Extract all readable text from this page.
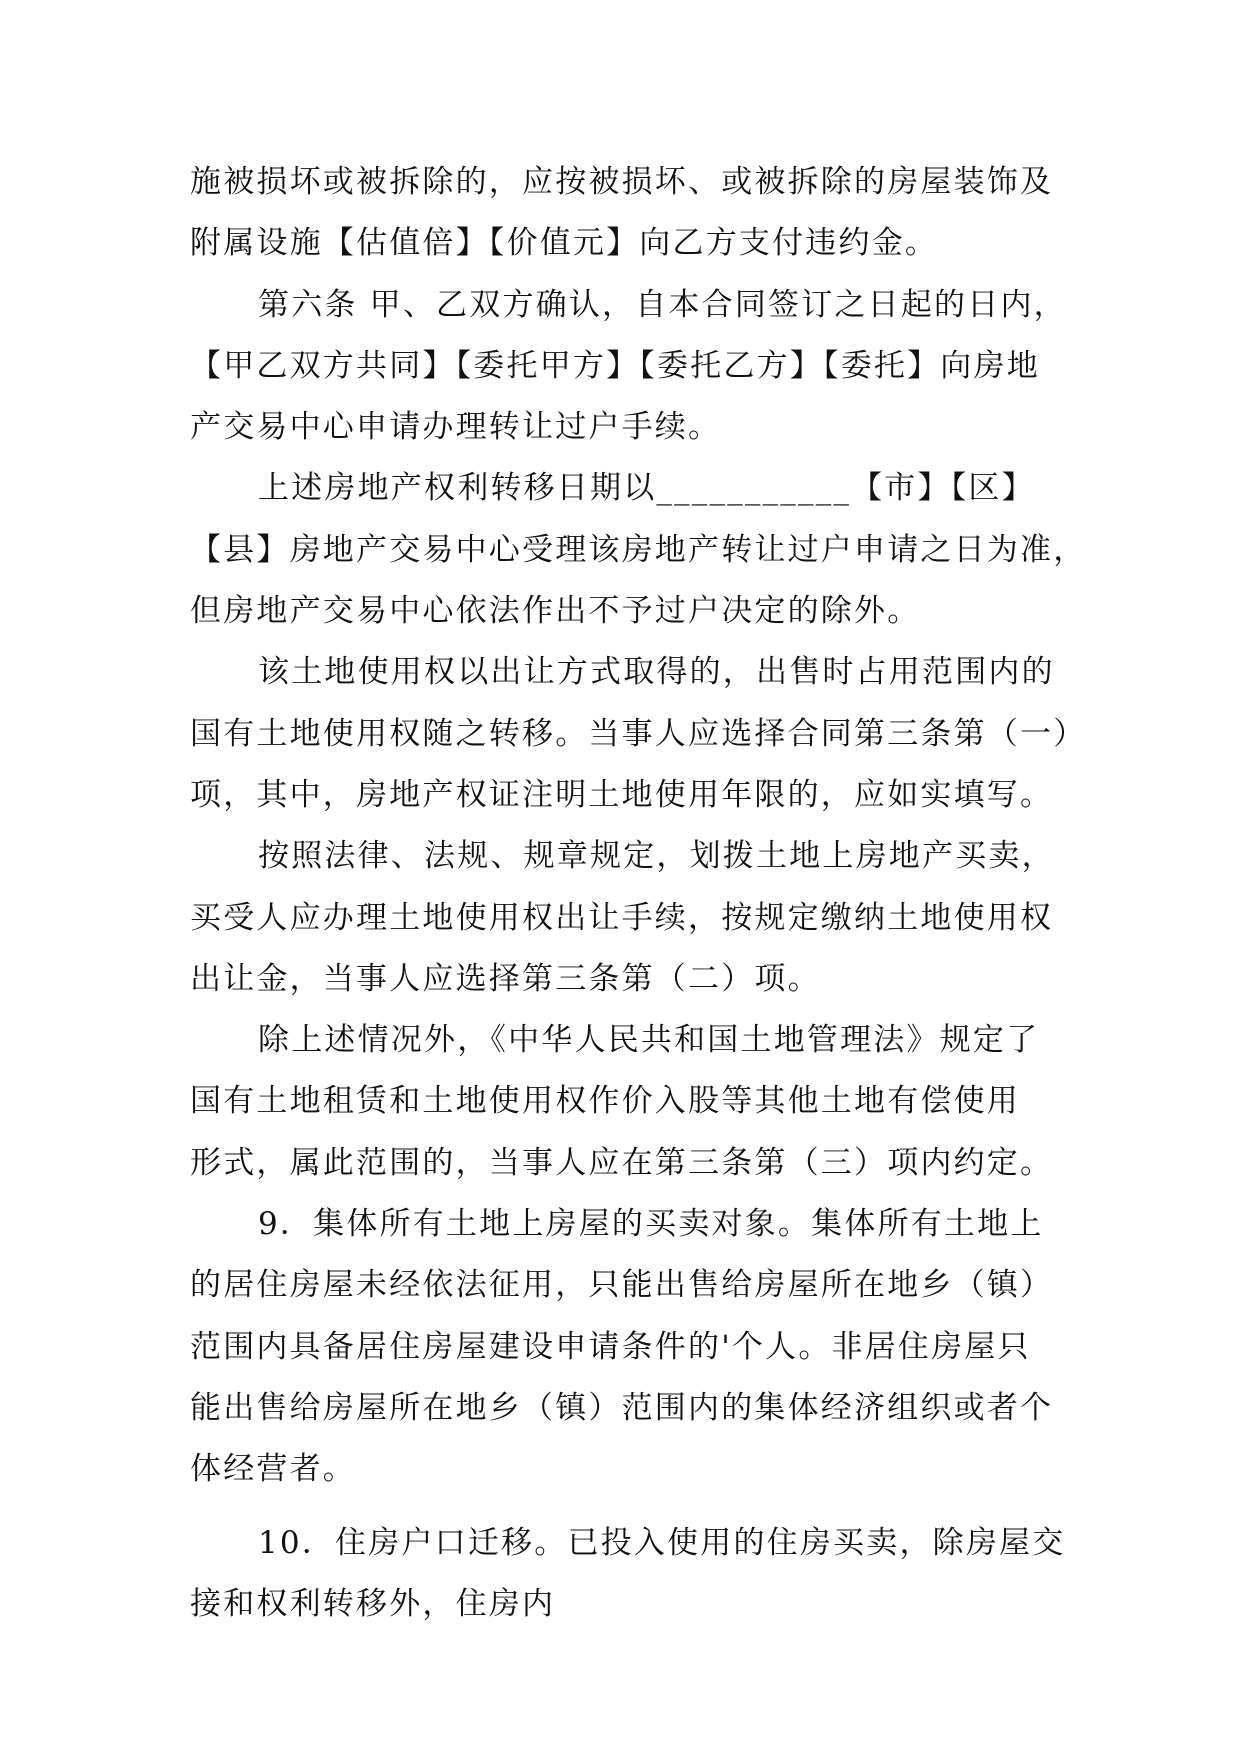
施被损坏或被拆除的，应按被损坏、或被拆除的房屋装饰及
附属设施【估值倍】【价值元】向乙方支付违约金。
第六条 甲、乙双方确认，自本合同签订之日起的日内，
【甲乙双方共同】【委托甲方】【委托乙方】【委托】向房地
产交易中心申请办理转让过户手续。
上述房地产权利转移日期以___________【市】【区】
【县】房地产交易中心受理该房地产转让过户申请之日为准，
但房地产交易中心依法作出不予过户决定的除外。
该土地使用权以出让方式取得的，出售时占用范围内的
国有土地使用权随之转移。当事人应选择合同第三条第（一）
项，其中，房地产权证注明土地使用年限的，应如实填写。
按照法律、法规、规章规定，划拨土地上房地产买卖，
买受人应办理土地使用权出让手续，按规定缴纳土地使用权
出让金，当事人应选择第三条第（二）项。
除上述情况外，《中华人民共和国土地管理法》规定了
国有土地租赁和土地使用权作价入股等其他土地有偿使用
形式，属此范围的，当事人应在第三条第（三）项内约定。
9．集体所有土地上房屋的买卖对象。集体所有土地上
的居住房屋未经依法征用，只能出售给房屋所在地乡（镇）
范围内具备居住房屋建设申请条件的'个人。非居住房屋只
能出售给房屋所在地乡（镇）范围内的集体经济组织或者个
体经营者。
10．住房户口迁移。已投入使用的住房买卖，除房屋交
接和权利转移外，住房内
